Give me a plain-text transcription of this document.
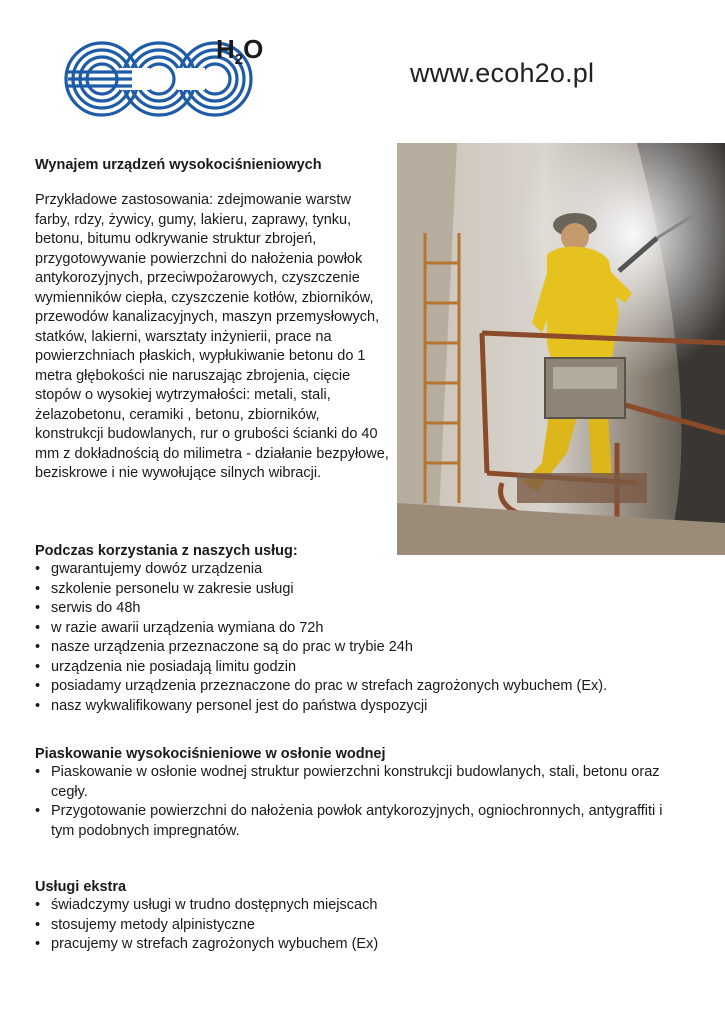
$H_2O$
www.ecoh2o.pl
Wynajem urządzeń wysokociśnieniowych

Przykładowe zastosowania: zdejmowanie warstw farby, rdzy, żywicy, gumy, lakieru, zaprawy, tynku, betonu, bitumu odkrywanie struktur zbrojeń, przygotowywanie powierzchni do nałożenia powłok antykorozyjnych, przeciwpożarowych, czyszczenie wymienników ciepła, czyszczenie kotłów, zbiorników, przewodów kanalizacyjnych, maszyn przemysłowych, statków, lakierni, warsztaty inżynierii, prace na powierzchniach płaskich, wypłukiwanie betonu do 1 metra głębokości nie naruszając zbrojenia, cięcie stopów o wysokiej wytrzymałości: metali, stali, żelazobetonu, ceramiki , betonu, zbiorników, konstrukcji budowlanych, rur o grubości ścianki do 40 mm z dokładnością do milimetra - działanie bezpyłowe, beziskrowe i nie wywołujące silnych wibracji.

Podczas korzystania z naszych usług:
• gwarantujemy dowóz urządzenia
• szkolenie personelu w zakresie usługi
• serwis do 48h
• w razie awarii urządzenia wymiana do 72h
• nasze urządzenia przeznaczone są do prac w trybie 24h
• urządzenia nie posiadają limitu godzin
• posiadamy urządzenia przeznaczone do prac w strefach zagrożonych wybuchem (Ex).
• nasz wykwalifikowany personel jest do państwa dyspozycji
Piaskowanie wysokociśnieniowe w osłonie wodnej
• Piaskowanie w osłonie wodnej struktur powierzchni konstrukcji budowlanych, stali, betonu oraz cegły.
• Przygotowanie powierzchni do nałożenia powłok antykorozyjnych, ogniochronnych, antygraffiti i tym podobnych impregnatów.
Usługi ekstra
• świadczymy usługi w trudno dostępnych miejscach
• stosujemy metody alpinistyczne
• pracujemy w strefach zagrożonych wybuchem (Ex)
